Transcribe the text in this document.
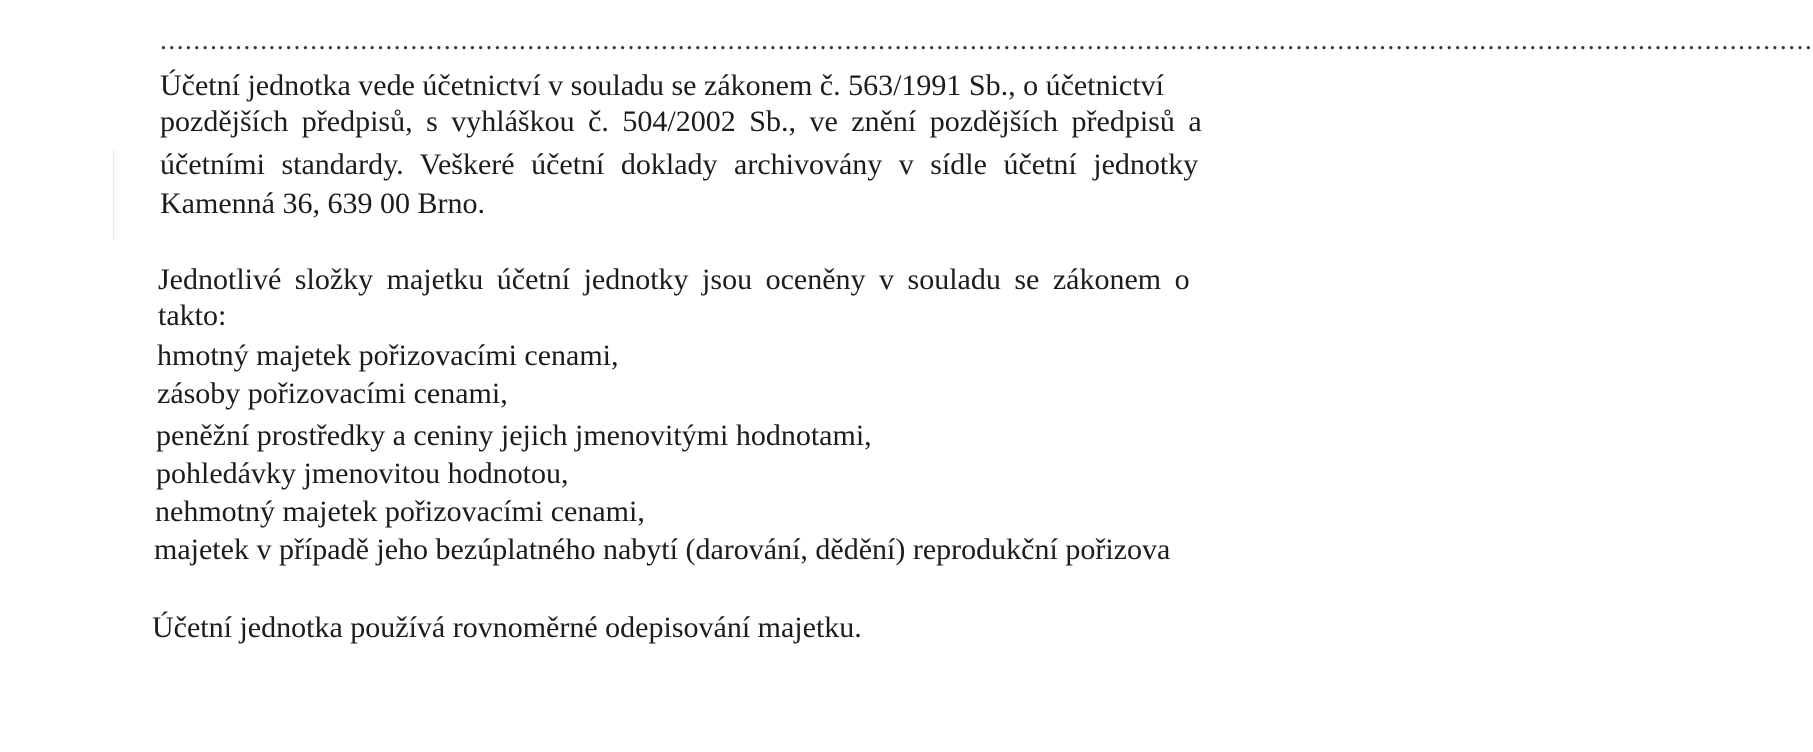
......................................................................................................................................................................................................

Účetní jednotka vede účetnictví v souladu se zákonem č. 563/1991 Sb., o účetnictví

pozdějších předpisů, s vyhláškou č. 504/2002 Sb., ve znění pozdějších předpisů a

účetními standardy. Veškeré účetní doklady archivovány v sídle účetní jednotky

Kamenná 36, 639 00 Brno.

Jednotlivé složky majetku účetní jednotky jsou oceněny v souladu se zákonem o

takto:

hmotný majetek pořizovacími cenami,

zásoby pořizovacími cenami,

peněžní prostředky a ceniny jejich jmenovitými hodnotami,

pohledávky jmenovitou hodnotou,

nehmotný majetek pořizovacími cenami,

majetek v případě jeho bezúplatného nabytí (darování, dědění) reprodukční pořizova

Účetní jednotka používá rovnoměrné odepisování majetku.
